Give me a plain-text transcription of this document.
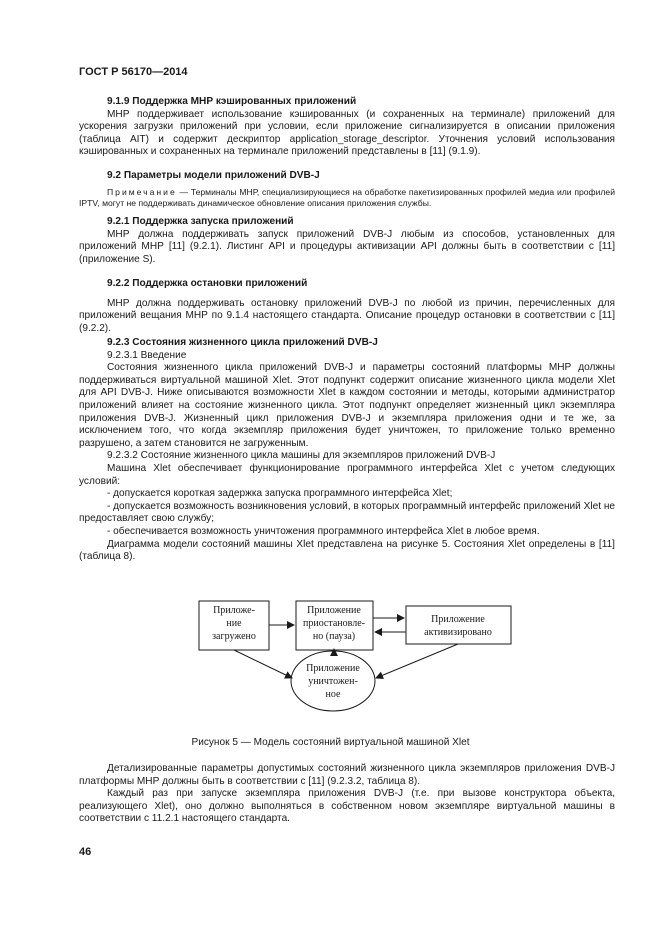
ГОСТ Р 56170—2014

9.1.9 Поддержка МНР кэшированных приложений

МНР поддерживает использование кэшированных (и сохраненных на терминале) приложений для ускорения загрузки приложений при условии, если приложение сигнализируется в описании приложения (таблица AIT) и содержит дескриптор application_storage_descriptor. Уточнения условий использования кэшированных и сохраненных на терминале приложений представлены в [11] (9.1.9).

9.2 Параметры модели приложений DVB-J

Примечание — Терминалы МНР, специализирующиеся на обработке пакетизированных профилей медиа или профилей IPTV, могут не поддерживать динамическое обновление описания приложения службы.

9.2.1 Поддержка запуска приложений

МНР должна поддерживать запуск приложений DVB-J любым из способов, установленных для приложений МНР [11] (9.2.1). Листинг API и процедуры активизации API должны быть в соответствии с [11] (приложение S).

9.2.2 Поддержка остановки приложений

МНР должна поддерживать остановку приложений DVB-J по любой из причин, перечисленных для приложений вещания МНР по 9.1.4 настоящего стандарта. Описание процедур остановки в соответствии с [11] (9.2.2).

9.2.3 Состояния жизненного цикла приложений DVB-J

9.2.3.1 Введение

Состояния жизненного цикла приложений DVB-J и параметры состояний платформы МНР должны поддерживаться виртуальной машиной Xlet. Этот подпункт содержит описание жизненного цикла модели Xlet для API DVB-J. Ниже описываются возможности Xlet в каждом состоянии и методы, которыми администратор приложений влияет на состояние жизненного цикла. Этот подпункт определяет жизненный цикл экземпляра приложения DVB-J. Жизненный цикл приложения DVB-J и экземпляра приложения одни и те же, за исключением того, что когда экземпляр приложения будет уничтожен, то приложение только временно разрушено, а затем становится не загруженным.

9.2.3.2 Состояние жизненного цикла машины для экземпляров приложений DVB-J

Машина Xlet обеспечивает функционирование программного интерфейса Xlet с учетом следующих условий:

- допускается короткая задержка запуска программного интерфейса Xlet;

- допускается возможность возникновения условий, в которых программный интерфейс приложений Xlet не предоставляет свою службу;

- обеспечивается возможность уничтожения программного интерфейса Xlet в любое время.

Диаграмма модели состояний машины Xlet представлена на рисунке 5. Состояния Xlet определены в [11] (таблица 8).

Приложе-
ние
загружено
Приложение
приостановле-
но (пауза)
Приложение
активизировано
Приложение
уничтожен-
ное
Рисунок 5 — Модель состояний виртуальной машиной Xlet

Детализированные параметры допустимых состояний жизненного цикла экземпляров приложения DVB-J платформы МНР должны быть в соответствии с [11] (9.2.3.2, таблица 8).

Каждый раз при запуске экземпляра приложения DVB-J (т.е. при вызове конструктора объекта, реализующего Xlet), оно должно выполняться в собственном новом экземпляре виртуальной машины в соответствии с 11.2.1 настоящего стандарта.

46
